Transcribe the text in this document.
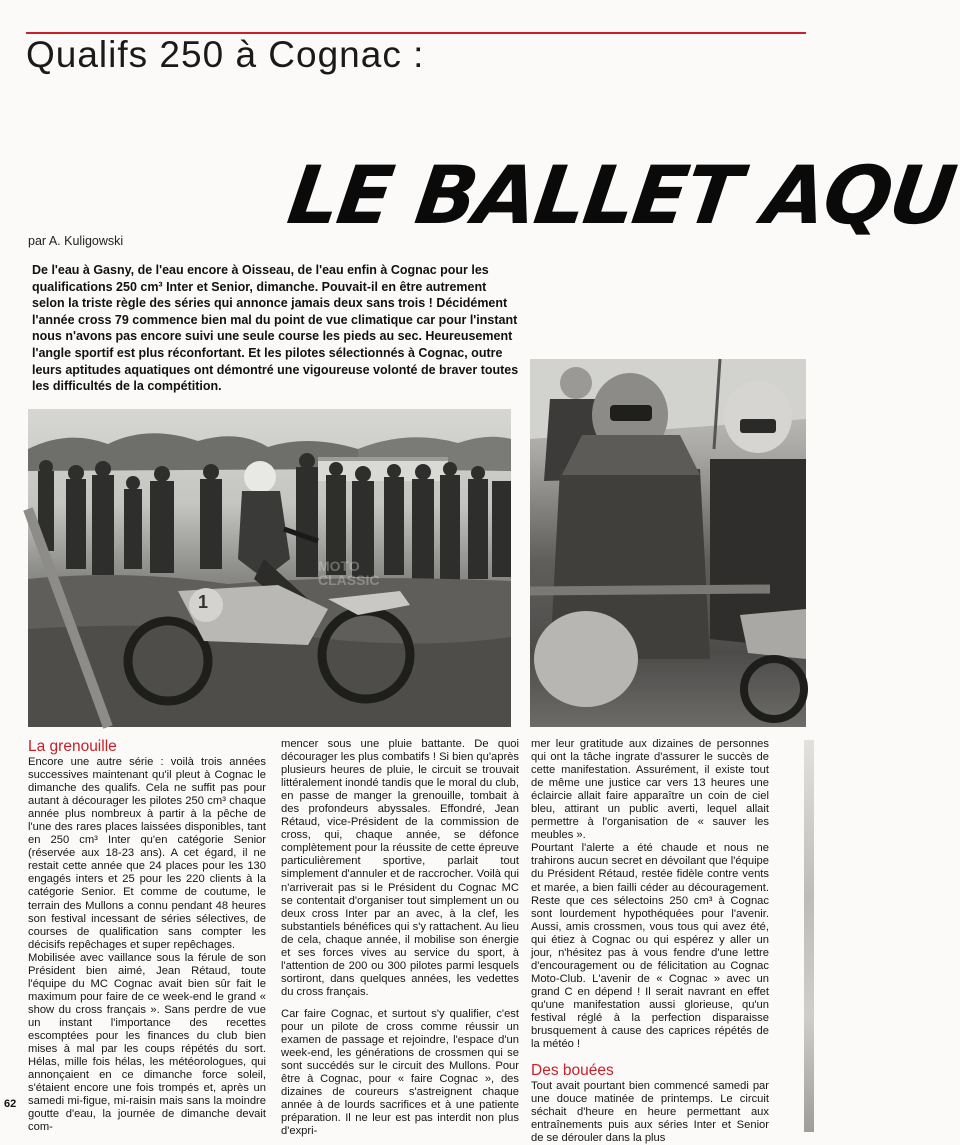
Qualifs 250 à Cognac :
LE BALLET AQU
par A. Kuligowski

De l'eau à Gasny, de l'eau encore à Oisseau, de l'eau enfin à Cognac pour les qualifications 250 cm³ Inter et Senior, dimanche. Pouvait-il en être autrement selon la triste règle des séries qui annonce jamais deux sans trois ! Décidément l'année cross 79 commence bien mal du point de vue climatique car pour l'instant nous n'avons pas encore suivi une seule course les pieds au sec. Heureusement l'angle sportif est plus réconfortant. Et les pilotes sélectionnés à Cognac, outre leurs aptitudes aquatiques ont démontré une vigoureuse volonté de braver toutes les difficultés de la compétition.

1
MOTO
CLASSIC
La grenouille

Encore une autre série : voilà trois années successives maintenant qu'il pleut à Cognac le dimanche des qualifs. Cela ne suffit pas pour autant à décourager les pilotes 250 cm³ chaque année plus nombreux à partir à la pêche de l'une des rares places laissées disponibles, tant en 250 cm³ Inter qu'en catégorie Senior (réservée aux 18-23 ans). A cet égard, il ne restait cette année que 24 places pour les 130 engagés inters et 25 pour les 220 clients à la catégorie Senior. Et comme de coutume, le terrain des Mullons a connu pendant 48 heures son festival incessant de séries sélectives, de courses de qualification sans compter les décisifs repêchages et super repêchages.

Mobilisée avec vaillance sous la férule de son Président bien aimé, Jean Rétaud, toute l'équipe du MC Cognac avait bien sûr fait le maximum pour faire de ce week-end le grand « show du cross français ». Sans perdre de vue un instant l'importance des recettes escomptées pour les finances du club bien mises à mal par les coups répétés du sort. Hélas, mille fois hélas, les météorologues, qui annonçaient en ce dimanche force soleil, s'étaient encore une fois trompés et, après un samedi mi-figue, mi-raisin mais sans la moindre goutte d'eau, la journée de dimanche devait com-

mencer sous une pluie battante. De quoi décourager les plus combatifs ! Si bien qu'après plusieurs heures de pluie, le circuit se trouvait littéralement inondé tandis que le moral du club, en passe de manger la grenouille, tombait à des profondeurs abyssales. Effondré, Jean Rétaud, vice-Président de la commission de cross, qui, chaque année, se défonce complètement pour la réussite de cette épreuve particulièrement sportive, parlait tout simplement d'annuler et de raccrocher. Voilà qui n'arriverait pas si le Président du Cognac MC se contentait d'organiser tout simplement un ou deux cross Inter par an avec, à la clef, les substantiels bénéfices qui s'y rattachent. Au lieu de cela, chaque année, il mobilise son énergie et ses forces vives au service du sport, à l'attention de 200 ou 300 pilotes parmi lesquels sortiront, dans quelques années, les vedettes du cross français.

Car faire Cognac, et surtout s'y qualifier, c'est pour un pilote de cross comme réussir un examen de passage et rejoindre, l'espace d'un week-end, les générations de crossmen qui se sont succédés sur le circuit des Mullons. Pour être à Cognac, pour « faire Cognac », des dizaines de coureurs s'astreignent chaque année à de lourds sacrifices et à une patiente préparation. Il ne leur est pas interdit non plus d'expri-

mer leur gratitude aux dizaines de personnes qui ont la tâche ingrate d'assurer le succès de cette manifestation. Assurément, il existe tout de même une justice car vers 13 heures une éclaircie allait faire apparaître un coin de ciel bleu, attirant un public averti, lequel allait permettre à l'organisation de « sauver les meubles ».

Pourtant l'alerte a été chaude et nous ne trahirons aucun secret en dévoilant que l'équipe du Président Rétaud, restée fidèle contre vents et marée, a bien failli céder au découragement. Reste que ces sélectoins 250 cm³ à Cognac sont lourdement hypothéquées pour l'avenir. Aussi, amis crossmen, vous tous qui avez été, qui étiez à Cognac ou qui espérez y aller un jour, n'hésitez pas à vous fendre d'une lettre d'encouragement ou de félicitation au Cognac Moto-Club. L'avenir de « Cognac » avec un grand C en dépend ! Il serait navrant en effet qu'une manifestation aussi glorieuse, qu'un festival réglé à la perfection disparaisse brusquement à cause des caprices répétés de la météo !

Des bouées

Tout avait pourtant bien commencé samedi par une douce matinée de printemps. Le circuit séchait d'heure en heure permettant aux entraînements puis aux séries Inter et Senior de se dérouler dans la plus

62
